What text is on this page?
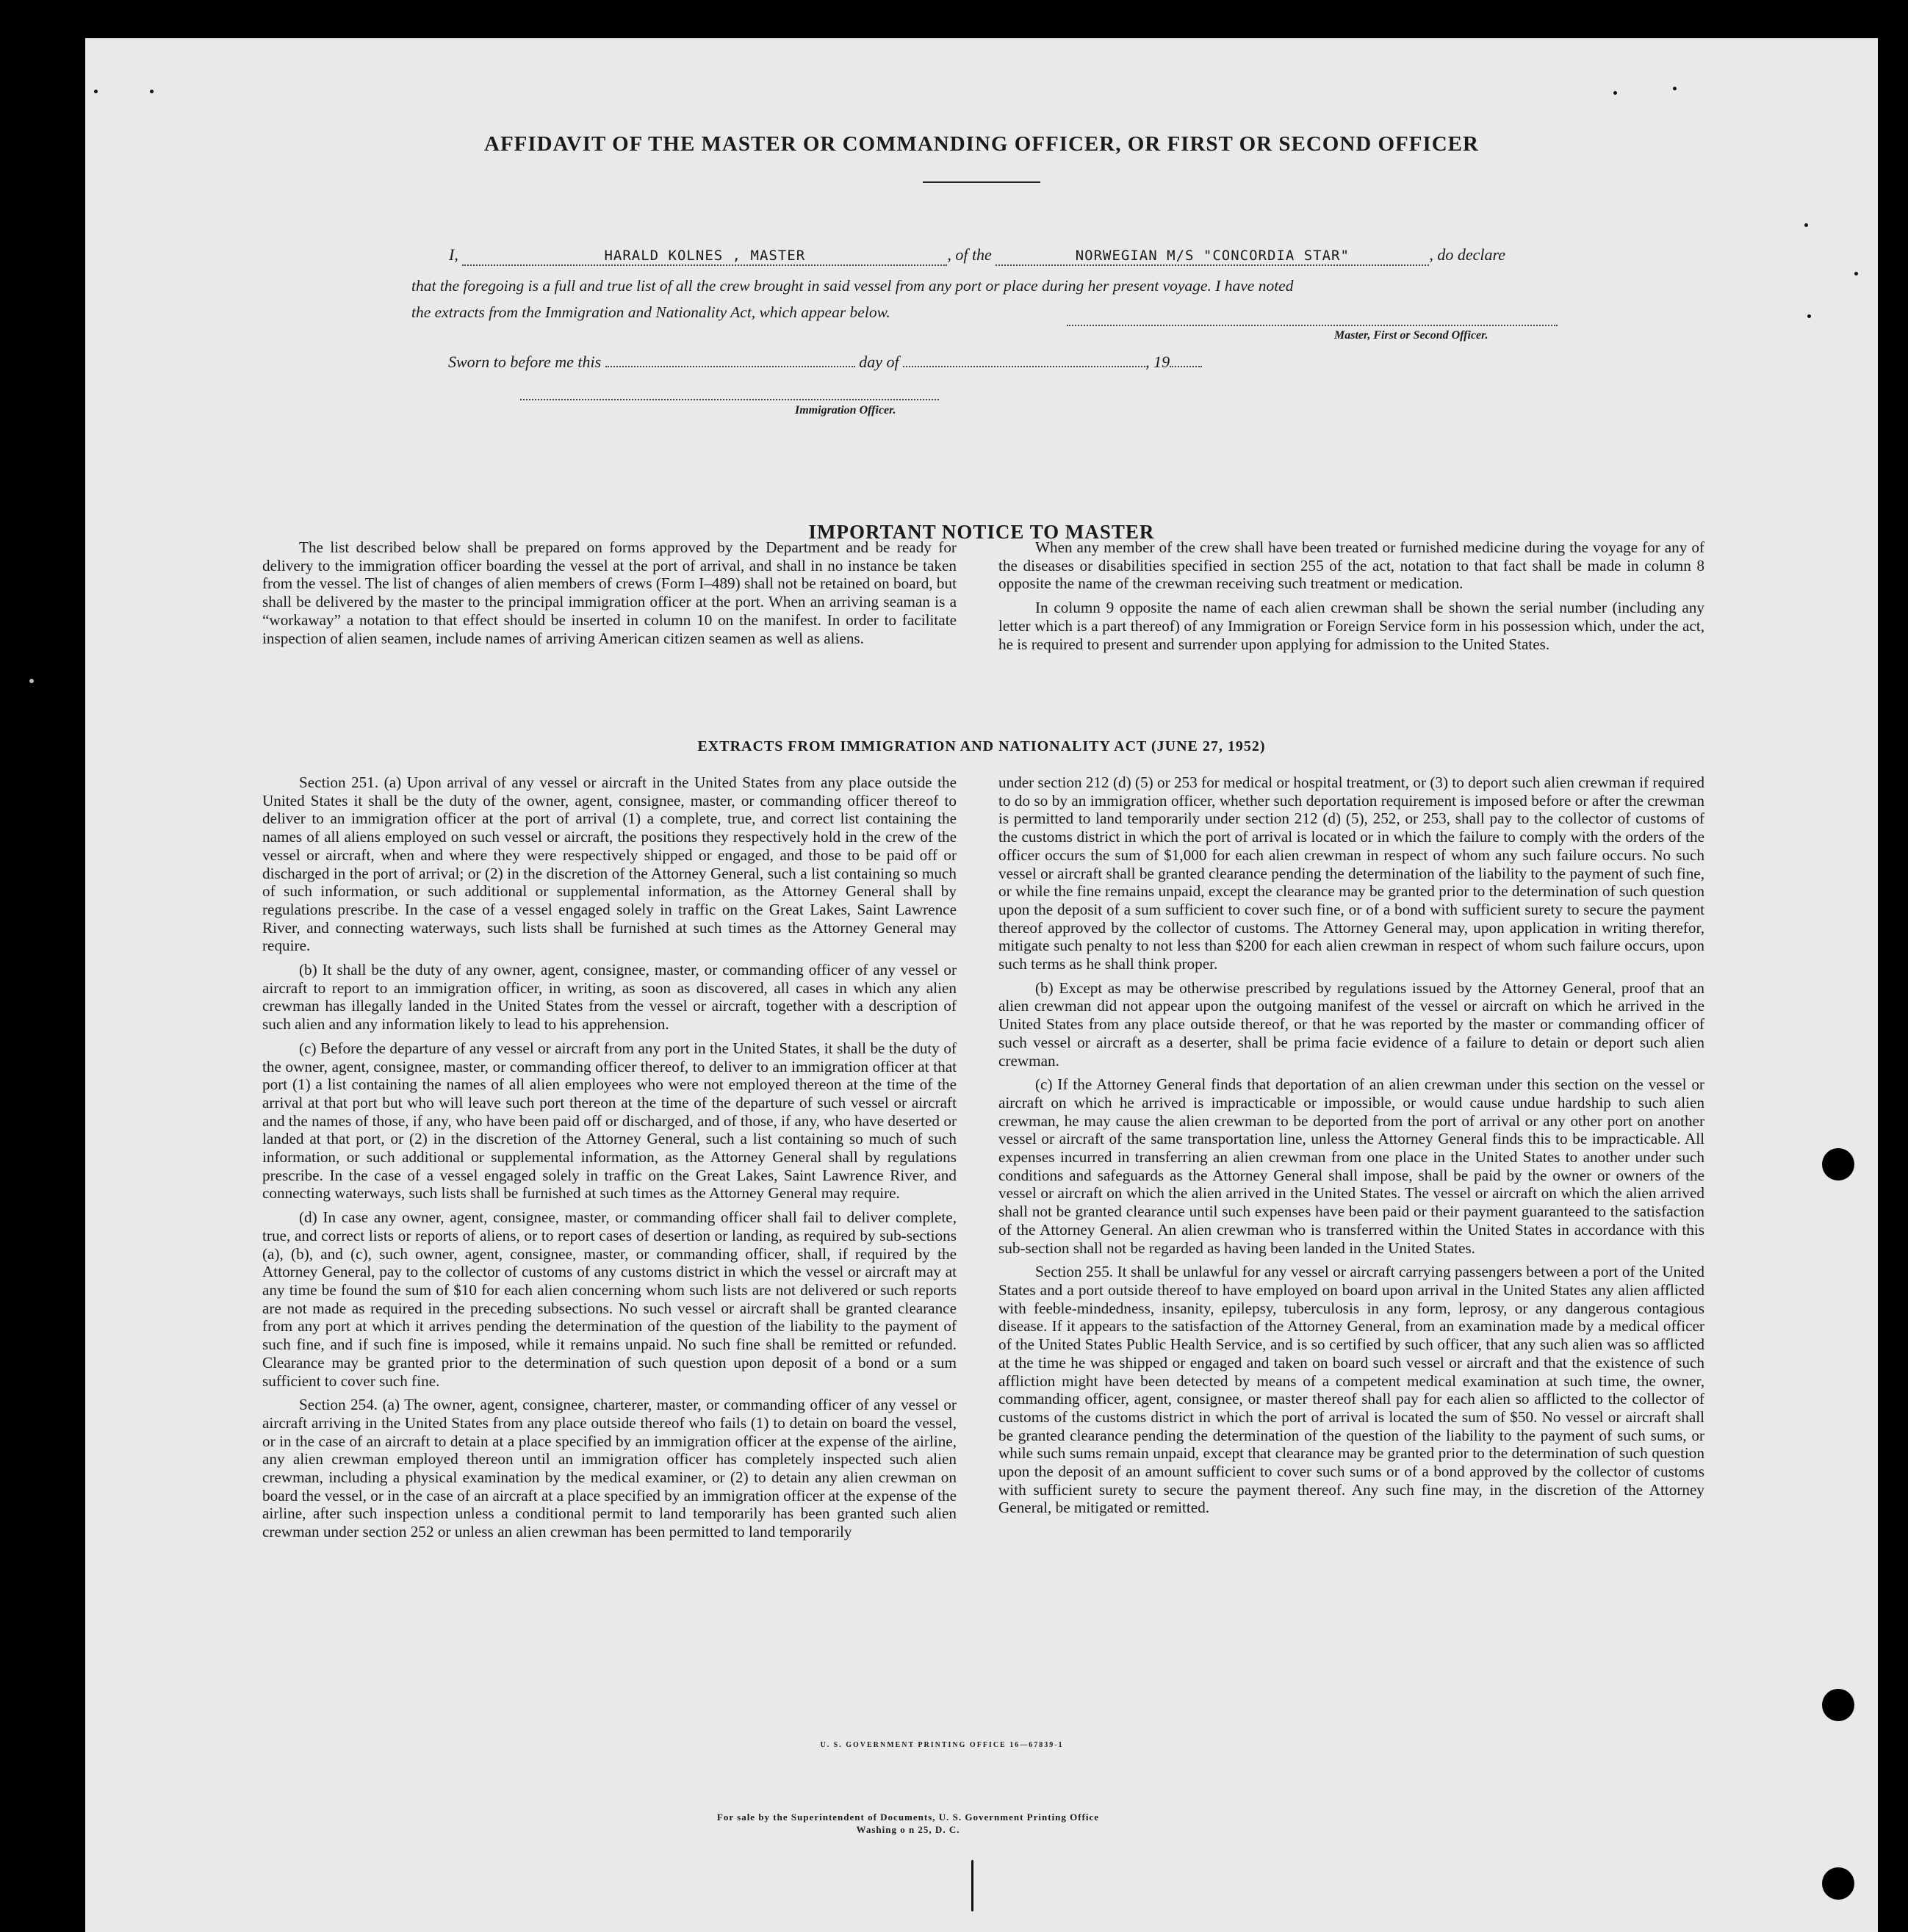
AFFIDAVIT OF THE MASTER OR COMMANDING OFFICER, OR FIRST OR SECOND OFFICER
I,	HARALD KOLNES , MASTER	, of the	NORWEGIAN M/S "CONCORDIA STAR"	, do declare
that the foregoing is a full and true list of all the crew brought in said vessel from any port or place during her present voyage. I have noted
the extracts from the Immigration and Nationality Act, which appear below.
Master, First or Second Officer.
Sworn to before me this	day of	, 19
Immigration Officer.
IMPORTANT NOTICE TO MASTER

The list described below shall be prepared on forms approved by the Department and be ready for delivery to the immigration officer boarding the vessel at the port of arrival, and shall in no instance be taken from the vessel. The list of changes of alien members of crews (Form I–489) shall not be retained on board, but shall be delivered by the master to the principal immigration officer at the port. When an arriving seaman is a “workaway” a notation to that effect should be inserted in column 10 on the manifest. In order to facilitate inspection of alien seamen, include names of arriving American citizen seamen as well as aliens.

When any member of the crew shall have been treated or furnished medicine during the voyage for any of the diseases or disabilities specified in section 255 of the act, notation to that fact shall be made in column 8 opposite the name of the crewman receiving such treatment or medication.

In column 9 opposite the name of each alien crewman shall be shown the serial number (including any letter which is a part thereof) of any Immigration or Foreign Service form in his possession which, under the act, he is required to present and surrender upon applying for admission to the United States.

EXTRACTS FROM IMMIGRATION AND NATIONALITY ACT (JUNE 27, 1952)

Section 251. (a) Upon arrival of any vessel or aircraft in the United States from any place outside the United States it shall be the duty of the owner, agent, consignee, master, or commanding officer thereof to deliver to an immigration officer at the port of arrival (1) a complete, true, and correct list containing the names of all aliens employed on such vessel or aircraft, the positions they respectively hold in the crew of the vessel or aircraft, when and where they were respectively shipped or engaged, and those to be paid off or discharged in the port of arrival; or (2) in the discretion of the Attorney General, such a list containing so much of such information, or such additional or supplemental information, as the Attorney General shall by regulations prescribe. In the case of a vessel engaged solely in traffic on the Great Lakes, Saint Lawrence River, and connecting waterways, such lists shall be furnished at such times as the Attorney General may require.

(b) It shall be the duty of any owner, agent, consignee, master, or commanding officer of any vessel or aircraft to report to an immigration officer, in writing, as soon as discovered, all cases in which any alien crewman has illegally landed in the United States from the vessel or aircraft, together with a description of such alien and any information likely to lead to his apprehension.

(c) Before the departure of any vessel or aircraft from any port in the United States, it shall be the duty of the owner, agent, consignee, master, or commanding officer thereof, to deliver to an immigration officer at that port (1) a list containing the names of all alien employees who were not employed thereon at the time of the arrival at that port but who will leave such port thereon at the time of the departure of such vessel or aircraft and the names of those, if any, who have been paid off or discharged, and of those, if any, who have deserted or landed at that port, or (2) in the discretion of the Attorney General, such a list containing so much of such information, or such additional or supplemental information, as the Attorney General shall by regulations prescribe. In the case of a vessel engaged solely in traffic on the Great Lakes, Saint Lawrence River, and connecting waterways, such lists shall be furnished at such times as the Attorney General may require.

(d) In case any owner, agent, consignee, master, or commanding officer shall fail to deliver complete, true, and correct lists or reports of aliens, or to report cases of desertion or landing, as required by sub-sections (a), (b), and (c), such owner, agent, consignee, master, or commanding officer, shall, if required by the Attorney General, pay to the collector of customs of any customs district in which the vessel or aircraft may at any time be found the sum of $10 for each alien concerning whom such lists are not delivered or such reports are not made as required in the preceding subsections. No such vessel or aircraft shall be granted clearance from any port at which it arrives pending the determination of the question of the liability to the payment of such fine, and if such fine is imposed, while it remains unpaid. No such fine shall be remitted or refunded. Clearance may be granted prior to the determination of such question upon deposit of a bond or a sum sufficient to cover such fine.

Section 254. (a) The owner, agent, consignee, charterer, master, or commanding officer of any vessel or aircraft arriving in the United States from any place outside thereof who fails (1) to detain on board the vessel, or in the case of an aircraft to detain at a place specified by an immigration officer at the expense of the airline, any alien crewman employed thereon until an immigration officer has completely inspected such alien crewman, including a physical examination by the medical examiner, or (2) to detain any alien crewman on board the vessel, or in the case of an aircraft at a place specified by an immigration officer at the expense of the airline, after such inspection unless a conditional permit to land temporarily has been granted such alien crewman under section 252 or unless an alien crewman has been permitted to land temporarily

under section 212 (d) (5) or 253 for medical or hospital treatment, or (3) to deport such alien crewman if required to do so by an immigration officer, whether such deportation requirement is imposed before or after the crewman is permitted to land temporarily under section 212 (d) (5), 252, or 253, shall pay to the collector of customs of the customs district in which the port of arrival is located or in which the failure to comply with the orders of the officer occurs the sum of $1,000 for each alien crewman in respect of whom any such failure occurs. No such vessel or aircraft shall be granted clearance pending the determination of the liability to the payment of such fine, or while the fine remains unpaid, except the clearance may be granted prior to the determination of such question upon the deposit of a sum sufficient to cover such fine, or of a bond with sufficient surety to secure the payment thereof approved by the collector of customs. The Attorney General may, upon application in writing therefor, mitigate such penalty to not less than $200 for each alien crewman in respect of whom such failure occurs, upon such terms as he shall think proper.

(b) Except as may be otherwise prescribed by regulations issued by the Attorney General, proof that an alien crewman did not appear upon the outgoing manifest of the vessel or aircraft on which he arrived in the United States from any place outside thereof, or that he was reported by the master or commanding officer of such vessel or aircraft as a deserter, shall be prima facie evidence of a failure to detain or deport such alien crewman.

(c) If the Attorney General finds that deportation of an alien crewman under this section on the vessel or aircraft on which he arrived is impracticable or impossible, or would cause undue hardship to such alien crewman, he may cause the alien crewman to be deported from the port of arrival or any other port on another vessel or aircraft of the same transportation line, unless the Attorney General finds this to be impracticable. All expenses incurred in transferring an alien crewman from one place in the United States to another under such conditions and safeguards as the Attorney General shall impose, shall be paid by the owner or owners of the vessel or aircraft on which the alien arrived in the United States. The vessel or aircraft on which the alien arrived shall not be granted clearance until such expenses have been paid or their payment guaranteed to the satisfaction of the Attorney General. An alien crewman who is transferred within the United States in accordance with this sub-section shall not be regarded as having been landed in the United States.

Section 255. It shall be unlawful for any vessel or aircraft carrying passengers between a port of the United States and a port outside thereof to have employed on board upon arrival in the United States any alien afflicted with feeble-mindedness, insanity, epilepsy, tuberculosis in any form, leprosy, or any dangerous contagious disease. If it appears to the satisfaction of the Attorney General, from an examination made by a medical officer of the United States Public Health Service, and is so certified by such officer, that any such alien was so afflicted at the time he was shipped or engaged and taken on board such vessel or aircraft and that the existence of such affliction might have been detected by means of a competent medical examination at such time, the owner, commanding officer, agent, consignee, or master thereof shall pay for each alien so afflicted to the collector of customs of the customs district in which the port of arrival is located the sum of $50. No vessel or aircraft shall be granted clearance pending the determination of the question of the liability to the payment of such sums, or while such sums remain unpaid, except that clearance may be granted prior to the determination of such question upon the deposit of an amount sufficient to cover such sums or of a bond approved by the collector of customs with sufficient surety to secure the payment thereof. Any such fine may, in the discretion of the Attorney General, be mitigated or remitted.

U. S. GOVERNMENT PRINTING OFFICE 16—67839-1
For sale by the Superintendent of Documents, U. S. Government Printing Office
Washing o n 25, D. C.
